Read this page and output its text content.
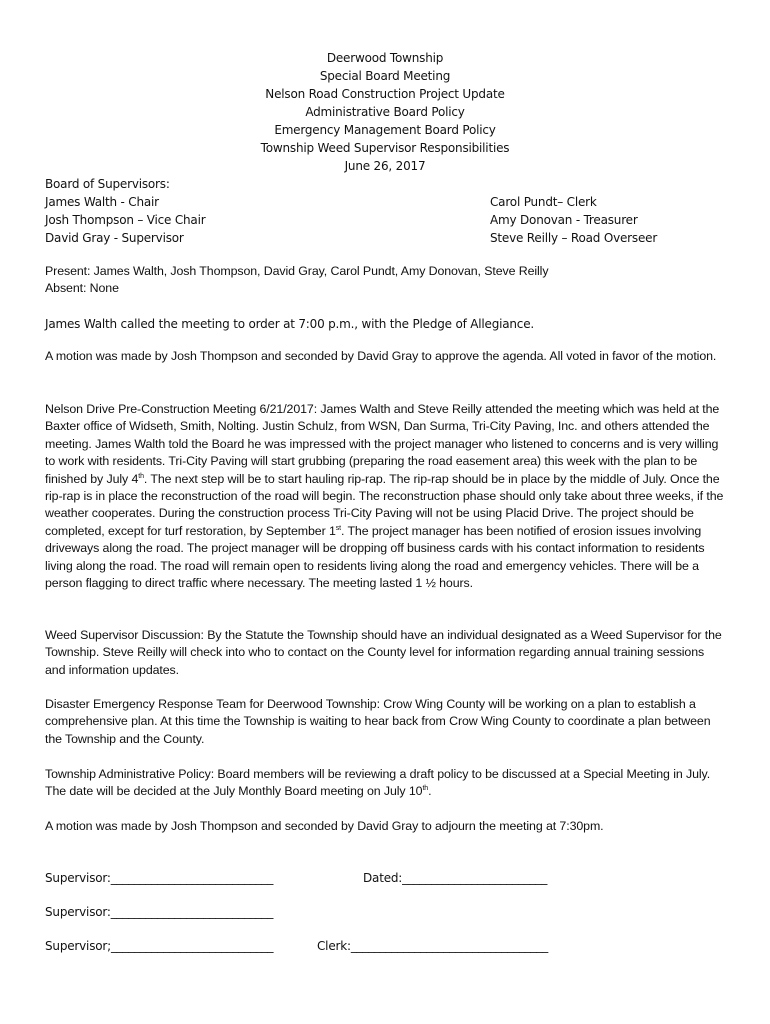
Deerwood Township
Special Board Meeting
Nelson Road Construction Project Update
Administrative Board Policy
Emergency Management Board Policy
Township Weed Supervisor Responsibilities
June 26, 2017
Board of Supervisors:
James Walth - Chair	Carol Pundt– Clerk
Josh Thompson – Vice Chair	Amy Donovan - Treasurer
David Gray - Supervisor	Steve Reilly – Road Overseer
Present: James Walth, Josh Thompson, David Gray, Carol Pundt, Amy Donovan, Steve Reilly
Absent: None

James Walth called the meeting to order at 7:00 p.m., with the Pledge of Allegiance.

A motion was made by Josh Thompson and seconded by David Gray to approve the agenda. All voted in favor of the motion.

Nelson Drive Pre-Construction Meeting 6/21/2017: James Walth and Steve Reilly attended the meeting which was held at the Baxter office of Widseth, Smith, Nolting. Justin Schulz, from WSN, Dan Surma, Tri-City Paving, Inc. and others attended the meeting. James Walth told the Board he was impressed with the project manager who listened to concerns and is very willing to work with residents. Tri-City Paving will start grubbing (preparing the road easement area) this week with the plan to be finished by July 4th. The next step will be to start hauling rip-rap. The rip-rap should be in place by the middle of July. Once the rip-rap is in place the reconstruction of the road will begin. The reconstruction phase should only take about three weeks, if the weather cooperates. During the construction process Tri-City Paving will not be using Placid Drive. The project should be completed, except for turf restoration, by September 1st. The project manager has been notified of erosion issues involving driveways along the road. The project manager will be dropping off business cards with his contact information to residents living along the road. The road will remain open to residents living along the road and emergency vehicles. There will be a person flagging to direct traffic where necessary. The meeting lasted 1 ½ hours.

Weed Supervisor Discussion: By the Statute the Township should have an individual designated as a Weed Supervisor for the Township. Steve Reilly will check into who to contact on the County level for information regarding annual training sessions and information updates.

Disaster Emergency Response Team for Deerwood Township: Crow Wing County will be working on a plan to establish a comprehensive plan. At this time the Township is waiting to hear back from Crow Wing County to coordinate a plan between the Township and the County.

Township Administrative Policy: Board members will be reviewing a draft policy to be discussed at a Special Meeting in July. The date will be decided at the July Monthly Board meeting on July 10th.

A motion was made by Josh Thompson and seconded by David Gray to adjourn the meeting at 7:30pm.

Supervisor:____________________________	Dated:_________________________
Supervisor:____________________________
Supervisor;____________________________	Clerk:__________________________________
